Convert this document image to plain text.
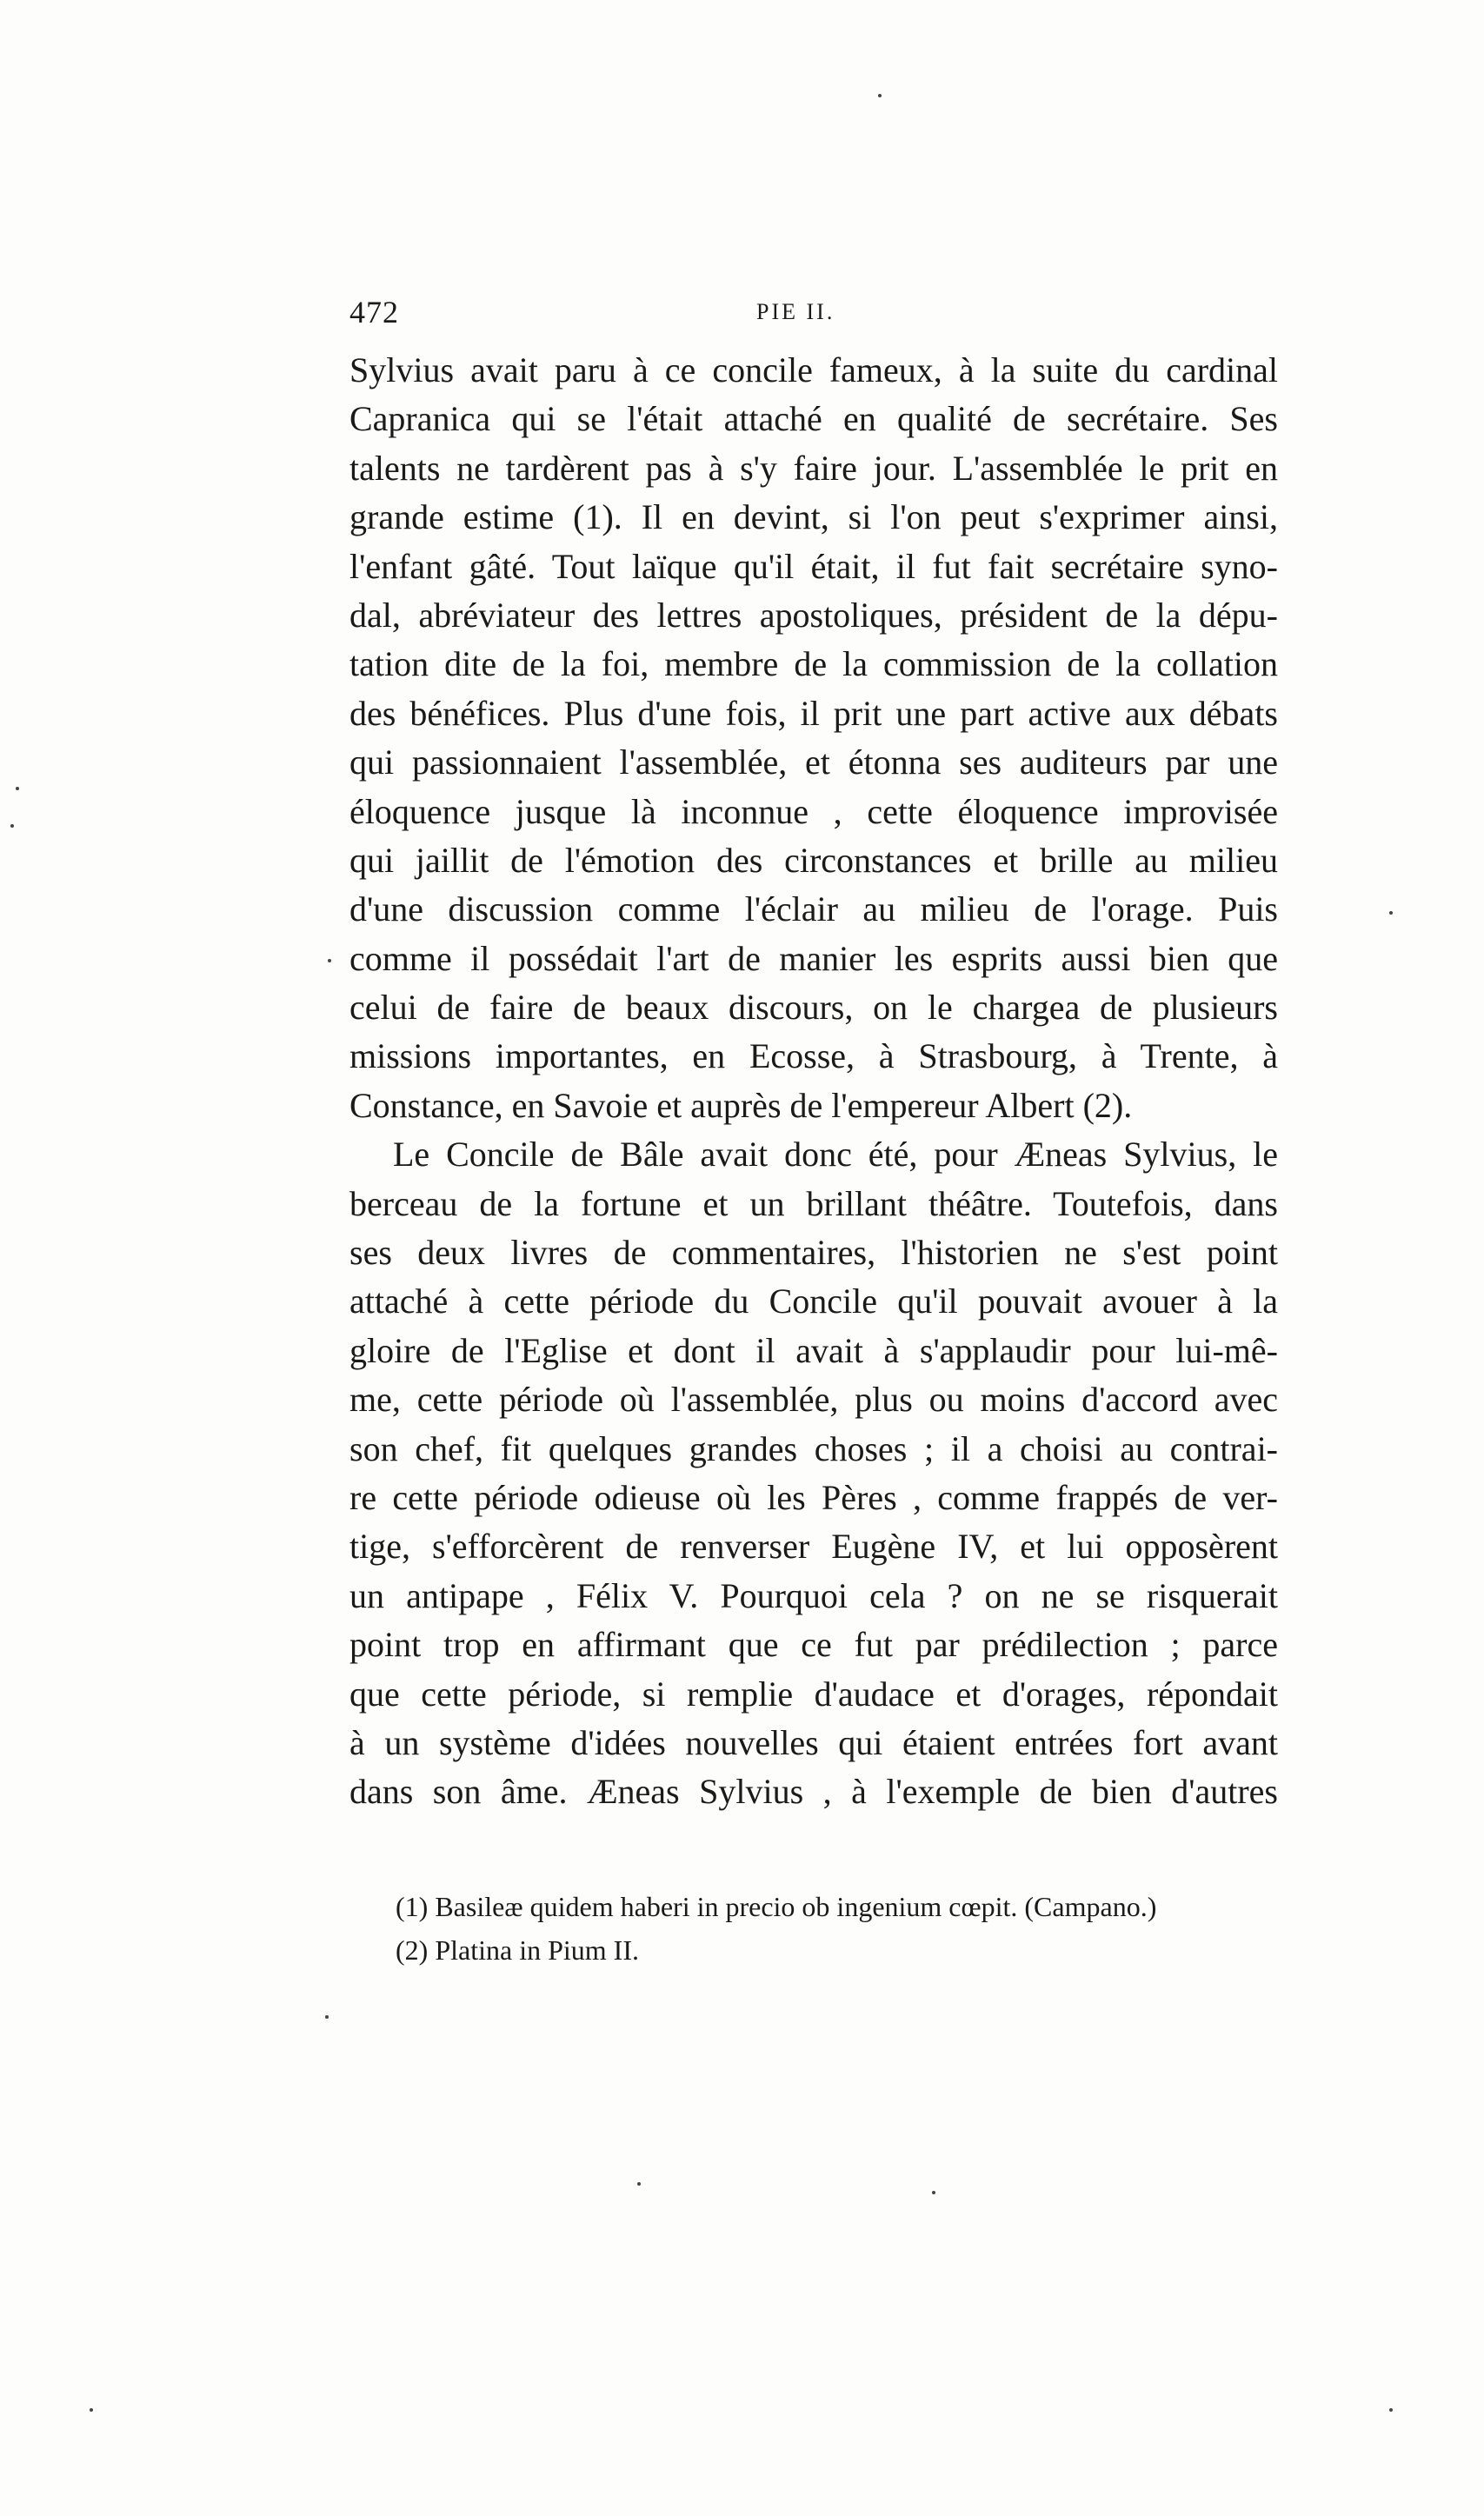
472	PIE II.
Sylvius avait paru à ce concile fameux, à la suite du cardinal
Capranica qui se l'était attaché en qualité de secrétaire. Ses
talents ne tardèrent pas à s'y faire jour. L'assemblée le prit en
grande estime (1). Il en devint, si l'on peut s'exprimer ainsi,
l'enfant gâté. Tout laïque qu'il était, il fut fait secrétaire syno-
dal, abréviateur des lettres apostoliques, président de la dépu-
tation dite de la foi, membre de la commission de la collation
des bénéfices. Plus d'une fois, il prit une part active aux débats
qui passionnaient l'assemblée, et étonna ses auditeurs par une
éloquence jusque là inconnue , cette éloquence improvisée
qui jaillit de l'émotion des circonstances et brille au milieu
d'une discussion comme l'éclair au milieu de l'orage. Puis
comme il possédait l'art de manier les esprits aussi bien que
celui de faire de beaux discours, on le chargea de plusieurs
missions importantes, en Ecosse, à Strasbourg, à Trente, à
Constance, en Savoie et auprès de l'empereur Albert (2).
Le Concile de Bâle avait donc été, pour Æneas Sylvius, le
berceau de la fortune et un brillant théâtre. Toutefois, dans
ses deux livres de commentaires, l'historien ne s'est point
attaché à cette période du Concile qu'il pouvait avouer à la
gloire de l'Eglise et dont il avait à s'applaudir pour lui-mê-
me, cette période où l'assemblée, plus ou moins d'accord avec
son chef, fit quelques grandes choses ; il a choisi au contrai-
re cette période odieuse où les Pères , comme frappés de ver-
tige, s'efforcèrent de renverser Eugène IV, et lui opposèrent
un antipape , Félix V. Pourquoi cela ? on ne se risquerait
point trop en affirmant que ce fut par prédilection ; parce
que cette période, si remplie d'audace et d'orages, répondait
à un système d'idées nouvelles qui étaient entrées fort avant
dans son âme. Æneas Sylvius , à l'exemple de bien d'autres
(1) Basileæ quidem haberi in precio ob ingenium cœpit. (Campano.)
(2) Platina in Pium II.
